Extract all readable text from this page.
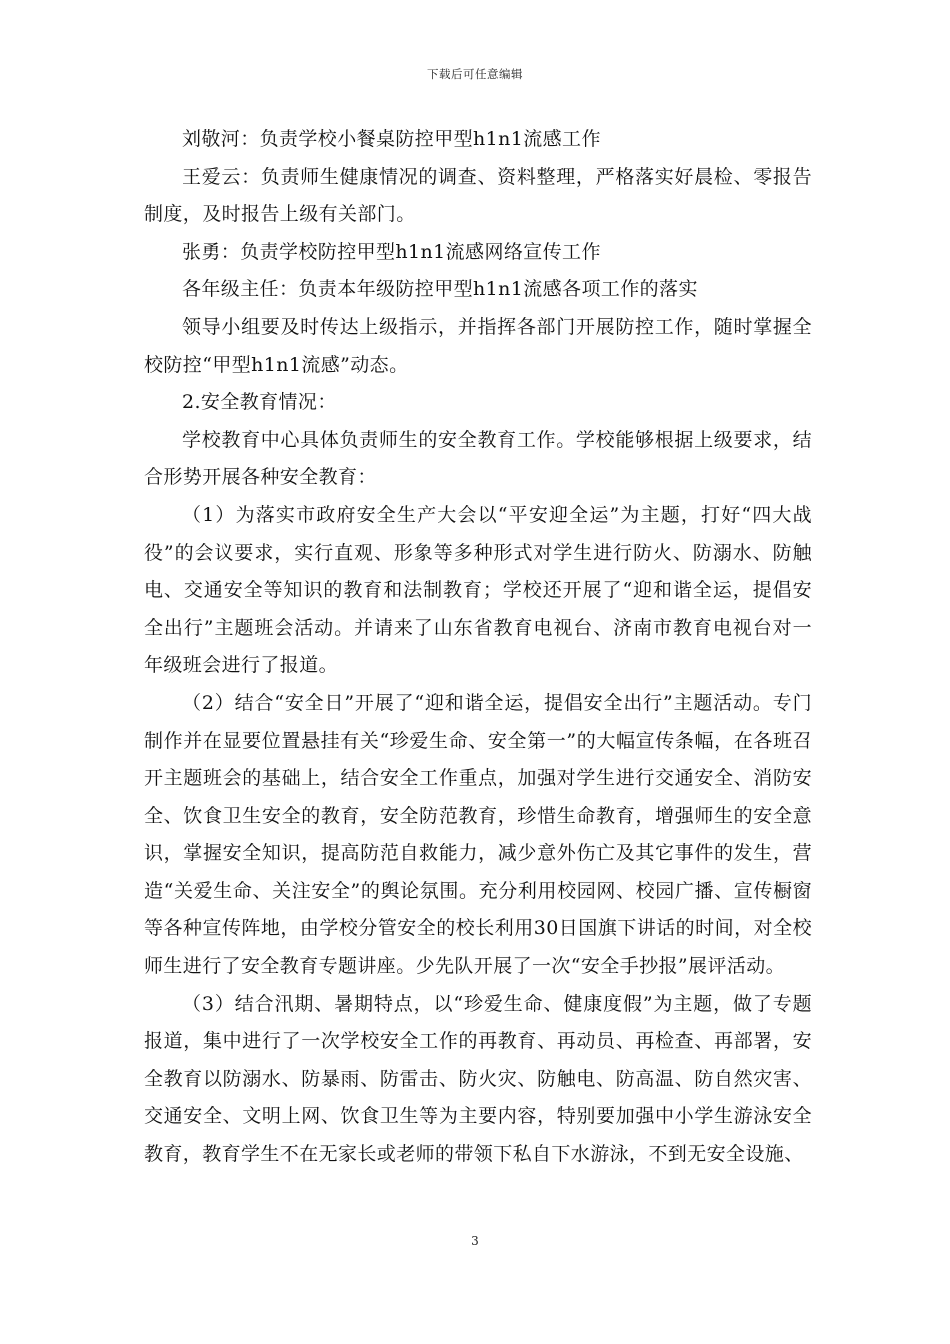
下载后可任意编辑

刘敬河：负责学校小餐桌防控甲型h1n1流感工作

王爱云：负责师生健康情况的调查、资料整理，严格落实好晨检、零报告制度，及时报告上级有关部门。

张勇：负责学校防控甲型h1n1流感网络宣传工作

各年级主任：负责本年级防控甲型h1n1流感各项工作的落实

领导小组要及时传达上级指示，并指挥各部门开展防控工作，随时掌握全校防控“甲型h1n1流感”动态。

2.安全教育情况：

学校教育中心具体负责师生的安全教育工作。学校能够根据上级要求，结合形势开展各种安全教育：

（1）为落实市政府安全生产大会以“平安迎全运”为主题，打好“四大战役”的会议要求，实行直观、形象等多种形式对学生进行防火、防溺水、防触电、交通安全等知识的教育和法制教育；学校还开展了“迎和谐全运，提倡安全出行”主题班会活动。并请来了山东省教育电视台、济南市教育电视台对一年级班会进行了报道。

（2）结合“安全日”开展了“迎和谐全运，提倡安全出行”主题活动。专门制作并在显要位置悬挂有关“珍爱生命、安全第一”的大幅宣传条幅，在各班召开主题班会的基础上，结合安全工作重点，加强对学生进行交通安全、消防安全、饮食卫生安全的教育，安全防范教育，珍惜生命教育，增强师生的安全意识，掌握安全知识，提高防范自救能力，减少意外伤亡及其它事件的发生，营造“关爱生命、关注安全”的舆论氛围。充分利用校园网、校园广播、宣传橱窗等各种宣传阵地，由学校分管安全的校长利用30日国旗下讲话的时间，对全校师生进行了安全教育专题讲座。少先队开展了一次“安全手抄报”展评活动。

（3）结合汛期、暑期特点，以“珍爱生命、健康度假”为主题，做了专题报道，集中进行了一次学校安全工作的再教育、再动员、再检查、再部署，安全教育以防溺水、防暴雨、防雷击、防火灾、防触电、防高温、防自然灾害、交通安全、文明上网、饮食卫生等为主要内容，特别要加强中小学生游泳安全教育，教育学生不在无家长或老师的带领下私自下水游泳，不到无安全设施、

3
